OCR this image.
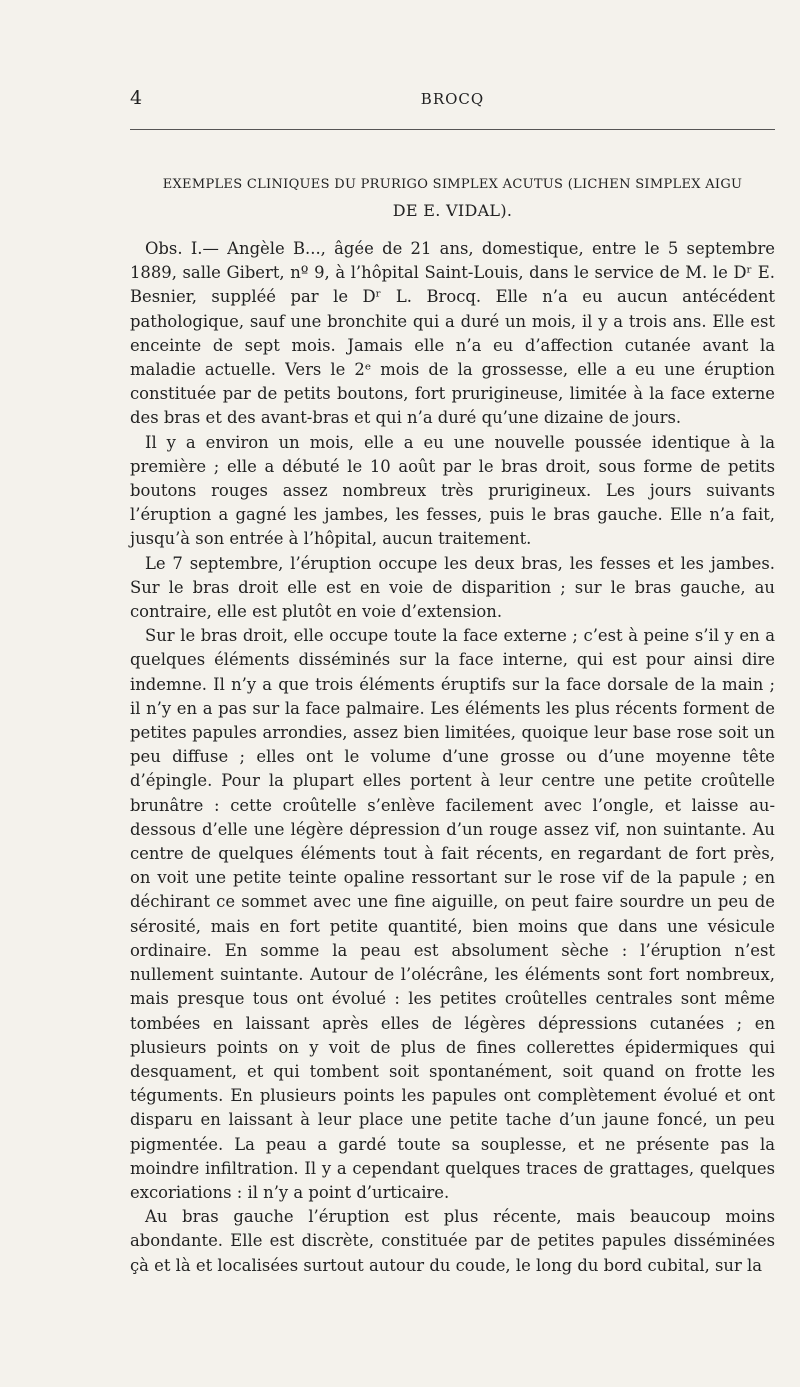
4	BROCQ
EXEMPLES CLINIQUES DU PRURIGO SIMPLEX ACUTUS (LICHEN SIMPLEX AIGU
DE E. VIDAL).

Obs. I.— Angèle B..., âgée de 21 ans, domestique, entre le 5 septembre 1889, salle Gibert, nº 9, à l’hôpital Saint-Louis, dans le service de M. le Dʳ E. Besnier, suppléé par le Dʳ L. Brocq. Elle n’a eu aucun antécédent pathologique, sauf une bronchite qui a duré un mois, il y a trois ans. Elle est enceinte de sept mois. Jamais elle n’a eu d’affection cutanée avant la maladie actuelle. Vers le 2ᵉ mois de la grossesse, elle a eu une éruption constituée par de petits boutons, fort prurigineuse, limitée à la face externe des bras et des avant-bras et qui n’a duré qu’une dizaine de jours.

Il y a environ un mois, elle a eu une nouvelle poussée identique à la première ; elle a débuté le 10 août par le bras droit, sous forme de petits boutons rouges assez nombreux très prurigineux. Les jours suivants l’éruption a gagné les jambes, les fesses, puis le bras gauche. Elle n’a fait, jusqu’à son entrée à l’hôpital, aucun traitement.

Le 7 septembre, l’éruption occupe les deux bras, les fesses et les jambes. Sur le bras droit elle est en voie de disparition ; sur le bras gauche, au contraire, elle est plutôt en voie d’extension.

Sur le bras droit, elle occupe toute la face externe ; c’est à peine s’il y en a quelques éléments disséminés sur la face interne, qui est pour ainsi dire indemne. Il n’y a que trois éléments éruptifs sur la face dorsale de la main ; il n’y en a pas sur la face palmaire. Les éléments les plus récents forment de petites papules arrondies, assez bien limitées, quoique leur base rose soit un peu diffuse ; elles ont le volume d’une grosse ou d’une moyenne tête d’épingle. Pour la plupart elles portent à leur centre une petite croûtelle brunâtre : cette croûtelle s’enlève facilement avec l’ongle, et laisse au-dessous d’elle une légère dépression d’un rouge assez vif, non suintante. Au centre de quelques éléments tout à fait récents, en regardant de fort près, on voit une petite teinte opaline ressortant sur le rose vif de la papule ; en déchirant ce sommet avec une fine aiguille, on peut faire sourdre un peu de sérosité, mais en fort petite quantité, bien moins que dans une vésicule ordinaire. En somme la peau est absolument sèche : l’éruption n’est nullement suintante. Autour de l’olécrâne, les éléments sont fort nombreux, mais presque tous ont évolué : les petites croûtelles centrales sont même tombées en laissant après elles de légères dépressions cutanées ; en plusieurs points on y voit de plus de fines collerettes épidermiques qui desquament, et qui tombent soit spontanément, soit quand on frotte les téguments. En plusieurs points les papules ont complètement évolué et ont disparu en laissant à leur place une petite tache d’un jaune foncé, un peu pigmentée. La peau a gardé toute sa souplesse, et ne présente pas la moindre infiltration. Il y a cependant quelques traces de grattages, quelques excoriations : il n’y a point d’urticaire.

Au bras gauche l’éruption est plus récente, mais beaucoup moins abondante. Elle est discrète, constituée par de petites papules disséminées çà et là et localisées surtout autour du coude, le long du bord cubital, sur la
